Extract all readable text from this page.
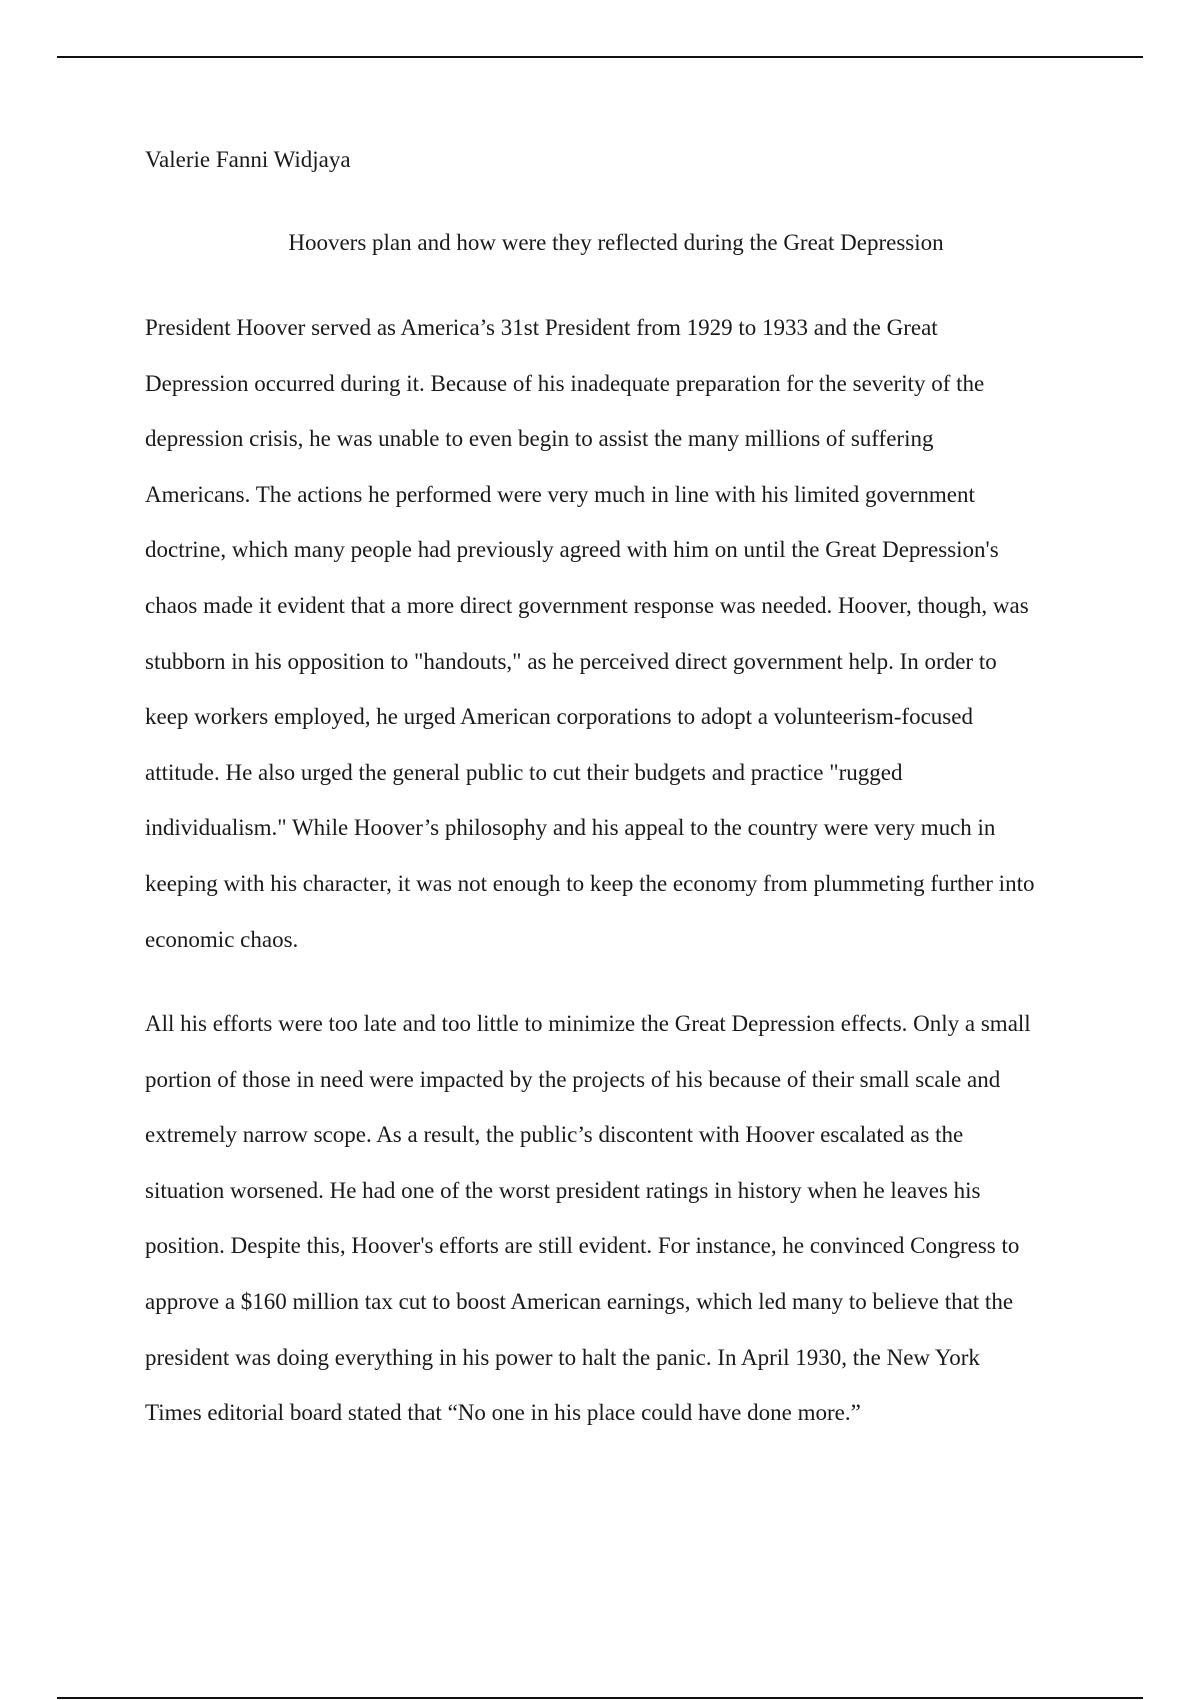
Valerie Fanni Widjaya
Hoovers plan and how were they reflected during the Great Depression
President Hoover served as America’s 31st President from 1929 to 1933 and the Great
Depression occurred during it. Because of his inadequate preparation for the severity of the
depression crisis, he was unable to even begin to assist the many millions of suffering
Americans. The actions he performed were very much in line with his limited government
doctrine, which many people had previously agreed with him on until the Great Depression's
chaos made it evident that a more direct government response was needed. Hoover, though, was
stubborn in his opposition to "handouts," as he perceived direct government help. In order to
keep workers employed, he urged American corporations to adopt a volunteerism-focused
attitude. He also urged the general public to cut their budgets and practice "rugged
individualism." While Hoover’s philosophy and his appeal to the country were very much in
keeping with his character, it was not enough to keep the economy from plummeting further into
economic chaos.
All his efforts were too late and too little to minimize the Great Depression effects. Only a small
portion of those in need were impacted by the projects of his because of their small scale and
extremely narrow scope. As a result, the public’s discontent with Hoover escalated as the
situation worsened. He had one of the worst president ratings in history when he leaves his
position. Despite this, Hoover's efforts are still evident. For instance, he convinced Congress to
approve a $160 million tax cut to boost American earnings, which led many to believe that the
president was doing everything in his power to halt the panic. In April 1930, the New York
Times editorial board stated that “No one in his place could have done more.”
